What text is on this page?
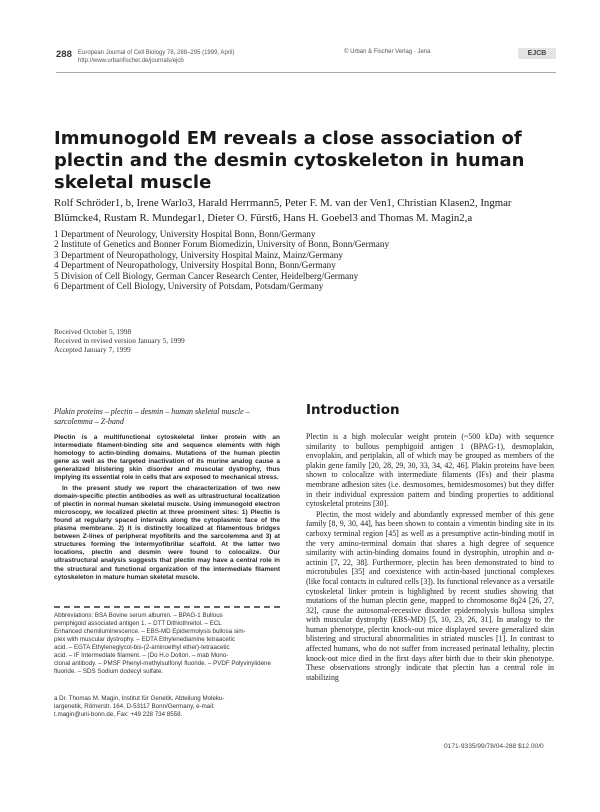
288 European Journal of Cell Biology 78, 288–295 (1999, April)
http://www.urbanfischer.de/journals/ejcb
© Urban & Fischer Verlag · Jena	EJCB
Immunogold EM reveals a close association of plectin and the desmin cytoskeleton in human skeletal muscle
Rolf Schröder1, b, Irene Warlo3, Harald Herrmann5, Peter F. M. van der Ven1, Christian Klasen2, Ingmar Blümcke4, Rustam R. Mundegar1, Dieter O. Fürst6, Hans H. Goebel3 and Thomas M. Magin2,a
1 Department of Neurology, University Hospital Bonn, Bonn/Germany
2 Institute of Genetics and Bonner Forum Biomedizin, University of Bonn, Bonn/Germany
3 Department of Neuropathology, University Hospital Mainz, Mainz/Germany
4 Department of Neuropathology, University Hospital Bonn, Bonn/Germany
5 Division of Cell Biology, German Cancer Research Center, Heidelberg/Germany
6 Department of Cell Biology, University of Potsdam, Potsdam/Germany
Received October 5, 1998
Received in revised version January 5, 1999
Accepted January 7, 1999
Plakin proteins – plectin – desmin – human skeletal muscle – sarcolemma – Z-band

Plectin is a multifunctional cytoskeletal linker protein with an intermediate filament-binding site and sequence elements with high homology to actin-binding domains. Mutations of the human plectin gene as well as the targeted inactivation of its murine analog cause a generalized blistering skin disorder and muscular dystrophy, thus implying its essential role in cells that are exposed to mechanical stress.

In the present study we report the characterization of two new domain-specific plectin antibodies as well as ultrastructural localization of plectin in normal human skeletal muscle. Using immunogold electron microscopy, we localized plectin at three prominent sites: 1) Plectin is found at regularly spaced intervals along the cytoplasmic face of the plasma membrane. 2) It is distinctly localized at filamentous bridges between Z-lines of peripheral myofibrils and the sarcolemma and 3) at structures forming the intermyofibrillar scaffold. At the latter two locations, plectin and desmin were found to colocalize. Our ultrastructural analysis suggests that plectin may have a central role in the structural and functional organization of the intermediate filament cytoskeleton in mature human skeletal muscle.

Abbreviations: BSA Bovine serum albumin. – BPAG-1 Bullous
pemphigoid associated antigen 1. – DTT Dithiothreitol. – ECL
Enhanced chemiluminescence. – EBS-MD Epidermolysis bullosa sim-
plex with muscular dystrophy. – EDTA Ethylenediamine tetraacetic
acid. – EGTA Ethyleneglycol-bis-(2-aminoethyl ether)-tetraacetic
acid. – IF Intermediate filament. – (Do H.o Dolton. – mab Mono-
clonal antibody. – PMSF Phenyl-methylsulfonyl fluoride. – PVDF Polyvinylidene fluoride. – SDS Sodium dodecyl sulfate.
a Dr. Thomas M. Magin, Institut für Genetik, Abteilung Moleku-
largenetik, Römerstr. 164, D-53117 Bonn/Germany, e-mail:
t.magin@uni-bonn.de, Fax: +49 228 734 8558.
Introduction

Plectin is a high molecular weight protein (~500 kDa) with sequence similarity to bullous pemphigoid antigen 1 (BPAG-1), desmoplakin, envoplakin, and periplakin, all of which may be grouped as members of the plakin gene family [20, 28, 29, 30, 33, 34, 42, 46]. Plakin proteins have been shown to colocalize with intermediate filaments (IFs) and their plasma membrane adhesion sites (i.e. desmosomes, hemidesmosomes) but they differ in their individual expression pattern and binding properties to additional cytoskeletal proteins [30].

Plectin, the most widely and abundantly expressed member of this gene family [8, 9, 30, 44], has been shown to contain a vimentin binding site in its carboxy terminal region [45] as well as a presumptive actin-binding motif in the very amino-terminal domain that shares a high degree of sequence similarity with actin-binding domains found in dystrophin, utrophin and α-actinin [7, 22, 38]. Furthermore, plectin has been demonstrated to bind to microtubules [35] and coexistence with actin-based junctional complexes (like focal contacts in cultured cells [3]). Its functional relevance as a versatile cytoskeletal linker protein is highlighted by recent studies showing that mutations of the human plectin gene, mapped to chromosome 8q24 [26, 27, 32], cause the autosomal-recessive disorder epidermolysis bullosa simplex with muscular dystrophy (EBS-MD) [5, 10, 23, 26, 31]. In analogy to the human phenotype, plectin knock-out mice displayed severe generalized skin blistering and structural abnormalities in striated muscles [1]. In contrast to affected humans, who do not suffer from increased perinatal lethality, plectin knock-out mice died in the first days after birth due to their skin phenotype. These observations strongly indicate that plectin has a central role in stabilizing

0171-9335/99/78/04-288 $12.00/0
